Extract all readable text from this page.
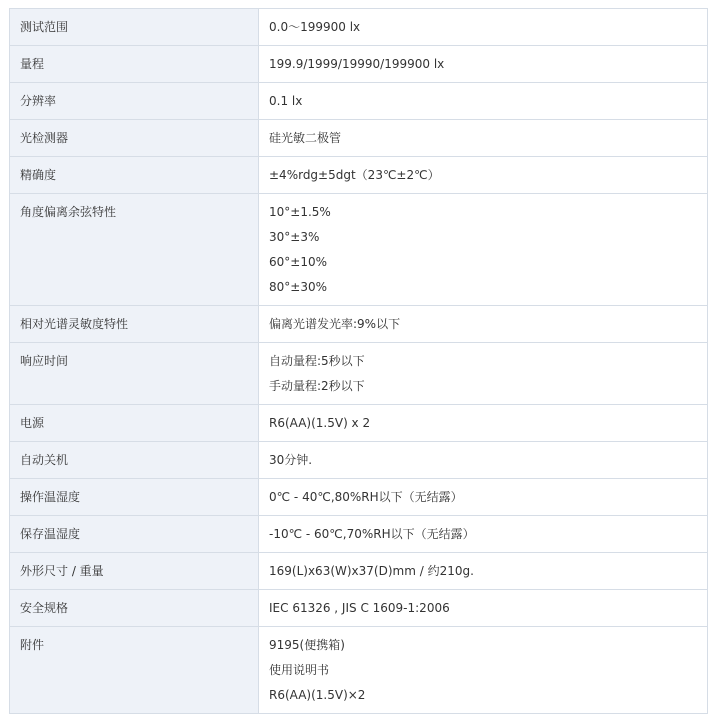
测试范围	0.0～199900 lx

量程	199.9/1999/19990/199900 lx

分辨率	0.1 lx

光检测器	硅光敏二极管

精确度	±4%rdg±5dgt（23℃±2℃）

角度偏离余弦特性	10°±1.5%
30°±3%
60°±10%
80°±30%

相对光谱灵敏度特性	偏离光谱发光率:9%以下

响应时间	自动量程:5秒以下
手动量程:2秒以下

电源	R6(AA)(1.5V) x 2

自动关机	30分钟.

操作温湿度	0℃ - 40℃,80%RH以下（无结露）

保存温湿度	-10℃ - 60℃,70%RH以下（无结露）

外形尺寸 / 重量	169(L)x63(W)x37(D)mm / 约210g.

安全规格	IEC 61326 , JIS C 1609-1:2006

附件	9195(便携箱)
使用说明书
R6(AA)(1.5V)×2
